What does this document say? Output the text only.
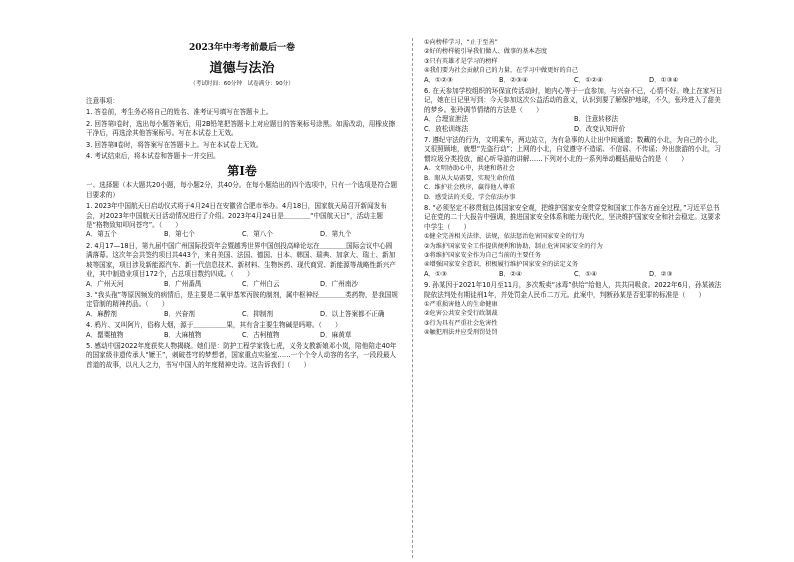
2023年中考考前最后一卷
道德与法治
（考试时间：60分钟　试卷满分：90分）
注意事项：
1. 答卷前，考生务必将自己的姓名、准考证号填写在答题卡上。
2. 回答第Ⅰ卷时，选出每小题答案后，用2B铅笔把答题卡上对应题目的答案标号涂黑。如需改动，用橡皮擦干净后，再选涂其他答案标号。写在本试卷上无效。
3. 回答第Ⅱ卷时，将答案写在答题卡上。写在本试卷上无效。
4. 考试结束后，将本试卷和答题卡一并交回。
第Ⅰ卷
一、选择题（本大题共20小题，每小题2分，共40分。在每小题给出的四个选项中，只有一个选项是符合题目要求的）
1. 2023年中国航天日启动仪式将于4月24日在安徽省合肥市举办。4月18日，国家航天局召开新闻发布会，对2023年中国航天日活动情况进行了介绍。2023年4月24日是＿＿＿＿“中国航天日”，活动主题是“格物致知叩问苍穹”。（　　）
A．第五个	B．第七个	C．第八个	D．第九个
2. 4月17—18日，第九届中国广州国际投资年会暨越秀世界中国创投高峰论坛在＿＿＿＿国际会议中心圆满落幕。这次年会共签约项目共443个，来自美国、法国、德国、日本、韩国、瑞典、加拿大、瑞士、新加坡等国家，项目涉及新能源汽车、新一代信息技术、新材料、生物医药、现代商贸、新能源等战略性新兴产业，其中制造业项目172个，占总项目数约四成。（　　）
A．广州天河	B．广州番禺	C．广州白云	D．广州南沙
3. “我头孢”等原因频发的病情后，是主要是二氧甲基苯丙胺的制剂，属中枢神经＿＿＿＿类药物，是我国规定管制的精神药品。（　　）
A．麻醉剂	B．兴奋剂	C．抑制剂	D．以上答案都不正确
4. 鸦片、又叫阿片，俗称大烟，源于＿＿＿＿＿果，其有含主要生物碱是吗啡。（　　）
A．罂粟植物	B．大麻植物	C．古柯植物	D．麻黄草
5. 感动中国2022年度获奖人物揭晓。她们是：防护工程学家钱七虎，义务支教新娘邓小岚，陪他陪走40年的国家级非遗传承人“嬷王”，刺破苍穹的梦想者，国家重点实验室……一个个令人动容的名字，一段段最人首道的故事，以凡人之力，书写中国人的年度精神史诗。这告诉我们（　　）
①向榜样学习，“止于至善”
②好的榜样能引导我们做人、做事的基本态度
③只有英雄才是学习的榜样
④我们要为社会贡献自己的力量，在学习中做更好的自己
A．①②③	B．②③④	C．①②④	D．①③④
6. 在天参加学校组织的环保宣传活动时，她内心等于一直参加，与兴奋不已，心情不好。晚上在家写日记，她在日记里写到：今天参加这次公益活动的意义，认识到要了解保护地球，不久，张玲进入了甜美的梦乡。张玲调节情绪的方法是（　　）
A．合理宣泄法	B．注意转移法
C．放松训练法	D．改变认知评价
7. 遵纪守法的行为，文明乘车，两边站立，为有急事的人让出中间通道；数藏的小北，为自己的小北，又很照顾地，就想“先盗行动”；上网的小北，自觉遵守不造谣、不信谣、不传谣；外出旅游的小北，习惯垃圾分类投放，耐心听导游的讲解……下列对小北的一系列举动概括最贴合的是（　　）
A．文明协助心中，共建和谐社会
B．眼从大局需要，实现生命价值
C．维护社会秩序，赢得他人尊重
D．感受法的关爱，学会依法办事
8. “必须坚定不移贯彻总体国家安全观，把维护国家安全贯穿党和国家工作各方面全过程，”习近平总书记在党的二十大报告中强调，推进国家安全体系和能力现代化，坚决维护国家安全和社会稳定。这要求中学生（　　）
①健全完善相关法律、法规，依法惩治危害国家安全的行为
②为维护国家安全工作提供便利和协助，制止危害国家安全的行为
③将维护国家安全作为自己当前的主要任务
④增强国家安全意识，积极履行维护国家安全的法定义务
A．①③	B．②④	C．①④	D．②③
9. 孙某因于2021年10月至11月，多次叛卖“冰毒”供给“给他人，共共同吸食。2022年6月，孙某被法院依法判处有期徒刑1年，并处罚金人民币二万元。此案中，判断孙某是否犯罪的标准是（　　）
①严重损害他人的生命健康
②危害公共安全受行政制裁
③行为具有严重社会危害性
④触犯刑法并应受刑罚处罚
